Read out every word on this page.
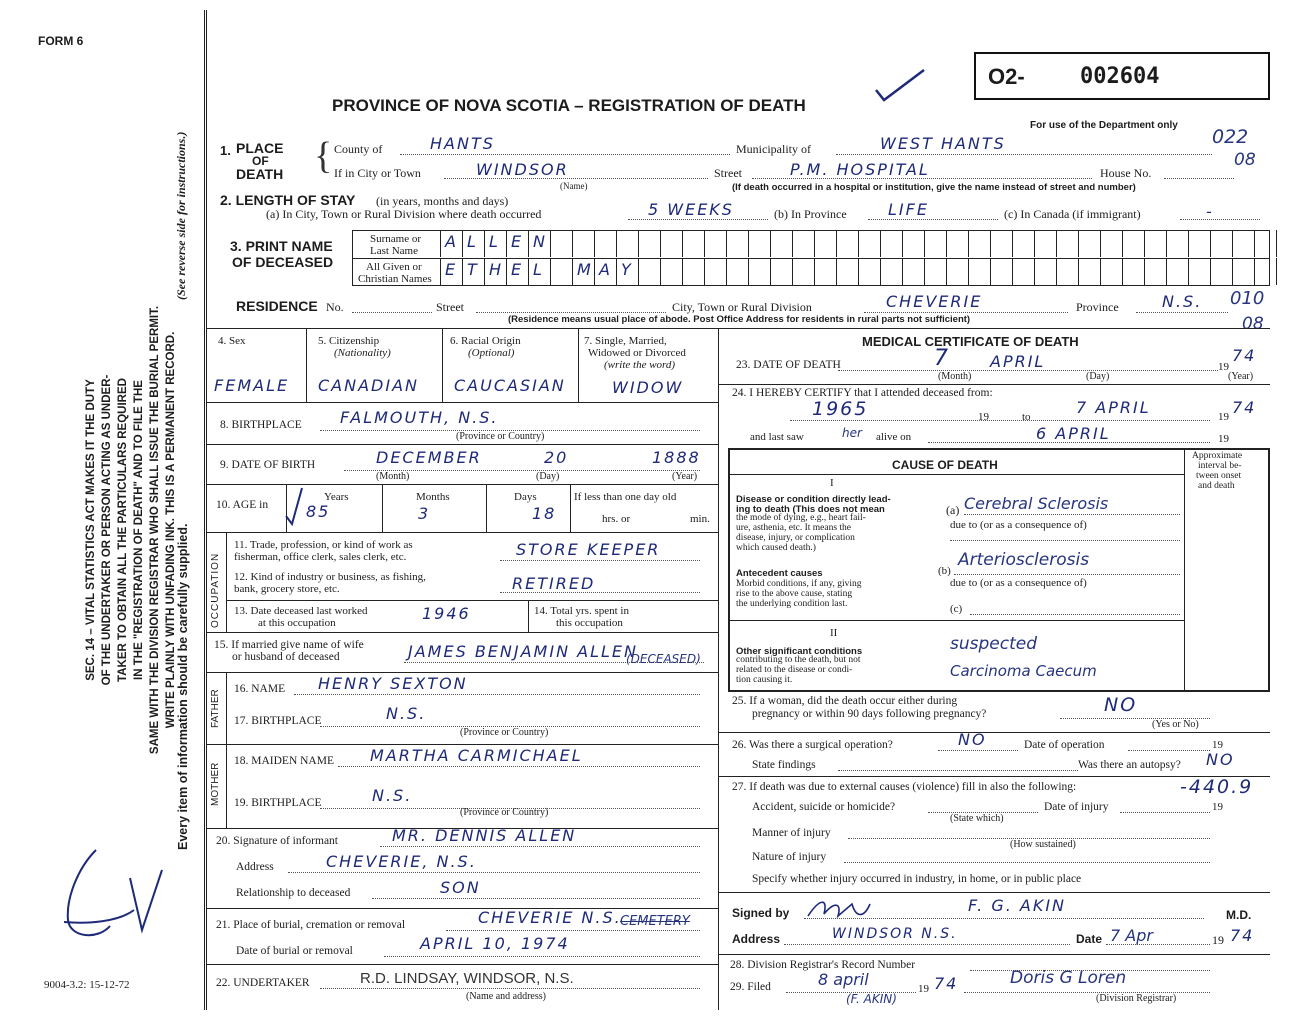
FORM 6
SEC. 14 – VITAL STATISTICS ACT MAKES IT THE DUTY OF THE UNDERTAKER OR PERSON ACTING AS UNDER- TAKER TO OBTAIN ALL THE PARTICULARS REQUIRED IN THE "REGISTRATION OF DEATH" AND TO FILE THE SAME WITH THE DIVISION REGISTRAR WHO SHALL ISSUE THE BURIAL PERMIT. WRITE PLAINLY WITH UNFADING INK. THIS IS A PERMANENT RECORD.
(See reverse side for instructions.)
Every item of information should be carefully supplied.
9004-3.2: 15-12-72
O2-	002604
PROVINCE OF NOVA SCOTIA – REGISTRATION OF DEATH
For use of the Department only
022
08
010
08
1. PLACE
OF
DEATH { County of	HANTS	Municipality of	WEST HANTS
If in City or Town	WINDSOR
(Name)
Street	P.M. HOSPITAL	House No.
(If death occurred in a hospital or institution, give the name instead of street and number)
2. LENGTH OF STAY (in years, months and days)
(a) In City, Town or Rural Division where death occurred	5 WEEKS	(b) In Province	LIFE	(c) In Canada (if immigrant)	-
3. PRINT NAME
OF DECEASED
Surname or
Last Name
All Given or
Christian Names
A L L E N
E T H E L M A Y
RESIDENCE No.	Street	City, Town or Rural Division	CHEVERIE	Province	N.S.
(Residence means usual place of abode. Post Office Address for residents in rural parts not sufficient)
4. Sex
FEMALE
5. Citizenship
(Nationality)
CANADIAN
6. Racial Origin
(Optional)
CAUCASIAN
7. Single, Married,
Widowed or Divorced
(write the word)
WIDOW
8. BIRTHPLACE FALMOUTH, N.S.
(Province or Country)
9. DATE OF BIRTH	DECEMBER	20	1888
(Month)	(Day)	(Year)
10. AGE in
Years
85
Months
3
Days
18
If less than one day old
hrs. or	min.
OCCUPATION
11. Trade, profession, or kind of work as
fisherman, office clerk, sales clerk, etc.	STORE KEEPER
12. Kind of industry or business, as fishing,
bank, grocery store, etc.	RETIRED
13. Date deceased last worked
at this occupation	1946	14. Total yrs. spent in
this occupation
15. If married give name of wife
or husband of deceased	JAMES BENJAMIN ALLEN
(DECEASED)
FATHER
16. NAME HENRY SEXTON
17. BIRTHPLACE	N.S.
(Province or Country)
MOTHER
18. MAIDEN NAME MARTHA CARMICHAEL
19. BIRTHPLACE	N.S.
(Province or Country)
20. Signature of informant	MR. DENNIS ALLEN
Address	CHEVERIE, N.S.
Relationship to deceased	SON
21. Place of burial, cremation or removal	CHEVERIE N.S.
CEMETERY
Date of burial or removal	APRIL 10, 1974
22. UNDERTAKER	R.D. LINDSAY, WINDSOR, N.S.
(Name and address)
MEDICAL CERTIFICATE OF DEATH
23. DATE OF DEATH	7	APRIL	19
74
(Month)	(Day)	(Year)
24. I HEREBY CERTIFY that I attended deceased from:
1965	19	to	7 APRIL	19 74
and last saw	her alive on	6 APRIL	19
CAUSE OF DEATH
Approximate
interval be-
tween onset
and death
I
Disease or condition directly lead-
ing to death (This does not mean
the mode of dying, e.g., heart fail-
ure, asthenia, etc. It means the
disease, injury, or complication
which caused death.)
(a) Cerebral Sclerosis
due to (or as a consequence of)
Antecedent causes
Morbid conditions, if any, giving
rise to the above cause, stating
the underlying condition last.
(b)
Arteriosclerosis
due to (or as a consequence of)
(c)
II
Other significant conditions
contributing to the death, but not
related to the disease or condi-
tion causing it.
suspected
Carcinoma Caecum
25. If a woman, did the death occur either during
pregnancy or within 90 days following pregnancy?	NO
(Yes or No)
26. Was there a surgical operation?	NO	Date of operation	19
State findings	Was there an autopsy? NO
27. If death was due to external causes (violence) fill in also the following:	-440.9
Accident, suicide or homicide?	Date of injury	19
(State which)
Manner of injury
(How sustained)
Nature of injury
Specify whether injury occurred in industry, in home, or in public place
Signed by	F. G. AKIN	M.D.
Address	WINDSOR N.S.	Date 7 Apr	19 74
28. Division Registrar's Record Number
29. Filed	8 april
(F. AKIN)
19 74	Doris G Loren
(Division Registrar)
